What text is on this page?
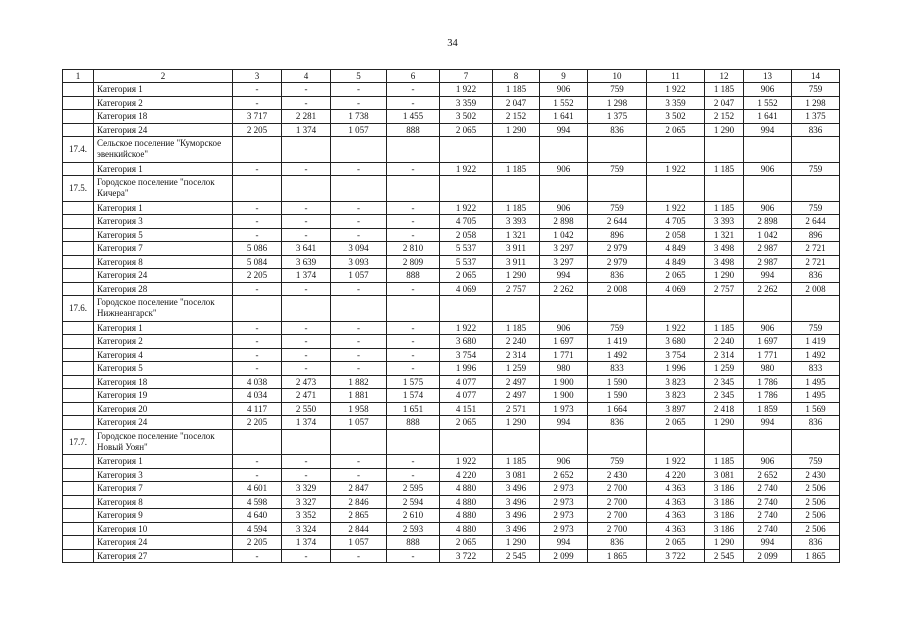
34
1	2	3	4	5	6	7	8	9	10	11	12	13	14
	Категория 1	-	-	-	-	1 922	1 185	906	759	1 922	1 185	906	759
	Категория 2	-	-	-	-	3 359	2 047	1 552	1 298	3 359	2 047	1 552	1 298
	Категория 18	3 717	2 281	1 738	1 455	3 502	2 152	1 641	1 375	3 502	2 152	1 641	1 375
	Категория 24	2 205	1 374	1 057	888	2 065	1 290	994	836	2 065	1 290	994	836
17.4.	Сельское поселение "Куморское эвенкийское"												
	Категория 1	-	-	-	-	1 922	1 185	906	759	1 922	1 185	906	759
17.5.	Городское поселение "поселок Кичера"												
	Категория 1	-	-	-	-	1 922	1 185	906	759	1 922	1 185	906	759
	Категория 3	-	-	-	-	4 705	3 393	2 898	2 644	4 705	3 393	2 898	2 644
	Категория 5	-	-	-	-	2 058	1 321	1 042	896	2 058	1 321	1 042	896
	Категория 7	5 086	3 641	3 094	2 810	5 537	3 911	3 297	2 979	4 849	3 498	2 987	2 721
	Категория 8	5 084	3 639	3 093	2 809	5 537	3 911	3 297	2 979	4 849	3 498	2 987	2 721
	Категория 24	2 205	1 374	1 057	888	2 065	1 290	994	836	2 065	1 290	994	836
	Категория 28	-	-	-	-	4 069	2 757	2 262	2 008	4 069	2 757	2 262	2 008
17.6.	Городское поселение "поселок Нижнеангарск"												
	Категория 1	-	-	-	-	1 922	1 185	906	759	1 922	1 185	906	759
	Категория 2	-	-	-	-	3 680	2 240	1 697	1 419	3 680	2 240	1 697	1 419
	Категория 4	-	-	-	-	3 754	2 314	1 771	1 492	3 754	2 314	1 771	1 492
	Категория 5	-	-	-	-	1 996	1 259	980	833	1 996	1 259	980	833
	Категория 18	4 038	2 473	1 882	1 575	4 077	2 497	1 900	1 590	3 823	2 345	1 786	1 495
	Категория 19	4 034	2 471	1 881	1 574	4 077	2 497	1 900	1 590	3 823	2 345	1 786	1 495
	Категория 20	4 117	2 550	1 958	1 651	4 151	2 571	1 973	1 664	3 897	2 418	1 859	1 569
	Категория 24	2 205	1 374	1 057	888	2 065	1 290	994	836	2 065	1 290	994	836
17.7.	Городское поселение "поселок Новый Уоян"												
	Категория 1	-	-	-	-	1 922	1 185	906	759	1 922	1 185	906	759
	Категория 3	-	-	-	-	4 220	3 081	2 652	2 430	4 220	3 081	2 652	2 430
	Категория 7	4 601	3 329	2 847	2 595	4 880	3 496	2 973	2 700	4 363	3 186	2 740	2 506
	Категория 8	4 598	3 327	2 846	2 594	4 880	3 496	2 973	2 700	4 363	3 186	2 740	2 506
	Категория 9	4 640	3 352	2 865	2 610	4 880	3 496	2 973	2 700	4 363	3 186	2 740	2 506
	Категория 10	4 594	3 324	2 844	2 593	4 880	3 496	2 973	2 700	4 363	3 186	2 740	2 506
	Категория 24	2 205	1 374	1 057	888	2 065	1 290	994	836	2 065	1 290	994	836
	Категория 27	-	-	-	-	3 722	2 545	2 099	1 865	3 722	2 545	2 099	1 865
